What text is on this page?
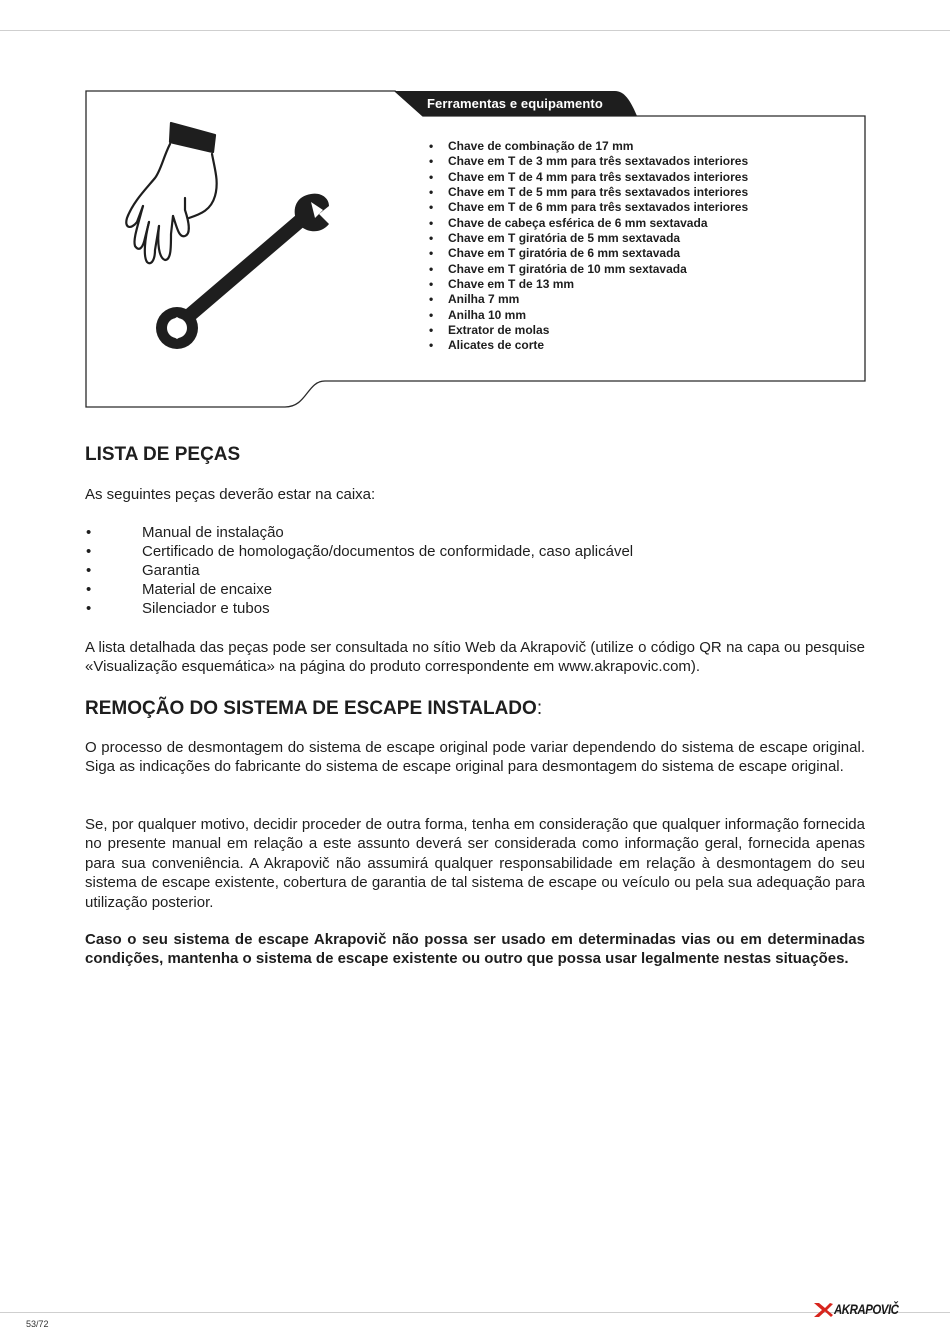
Ferramentas e equipamento
• Chave de combinação de 17 mm
• Chave em T de 3 mm para três sextavados interiores
• Chave em T de 4 mm para três sextavados interiores
• Chave em T de 5 mm para três sextavados interiores
• Chave em T de 6 mm para três sextavados interiores
• Chave de cabeça esférica de 6 mm sextavada
• Chave em T giratória de 5 mm sextavada
• Chave em T giratória de 6 mm sextavada
• Chave em T giratória de 10 mm sextavada
• Chave em T de 13 mm
• Anilha 7 mm
• Anilha 10 mm
• Extrator de molas
• Alicates de corte
LISTA DE PEÇAS

As seguintes peças deverão estar na caixa:

• Manual de instalação
• Certificado de homologação/documentos de conformidade, caso aplicável
• Garantia
• Material de encaixe
• Silenciador e tubos

A lista detalhada das peças pode ser consultada no sítio Web da Akrapovič (utilize o código QR na capa ou pesquise «Visualização esquemática» na página do produto correspondente em www.akrapovic.com).

REMOÇÃO DO SISTEMA DE ESCAPE INSTALADO:

O processo de desmontagem do sistema de escape original pode variar dependendo do sistema de escape original. Siga as indicações do fabricante do sistema de escape original para desmontagem do sistema de escape original.

Se, por qualquer motivo, decidir proceder de outra forma, tenha em consideração que qualquer informação fornecida no presente manual em relação a este assunto deverá ser considerada como informação geral, fornecida apenas para sua conveniência. A Akrapovič não assumirá qualquer responsabilidade em relação à desmontagem do seu sistema de escape existente, cobertura de garantia de tal sistema de escape ou veículo ou pela sua adequação para utilização posterior.

Caso o seu sistema de escape Akrapovič não possa ser usado em determinadas vias ou em determinadas condições, mantenha o sistema de escape existente ou outro que possa usar legalmente nestas situações.

53/72
AKRAPOVIČ
